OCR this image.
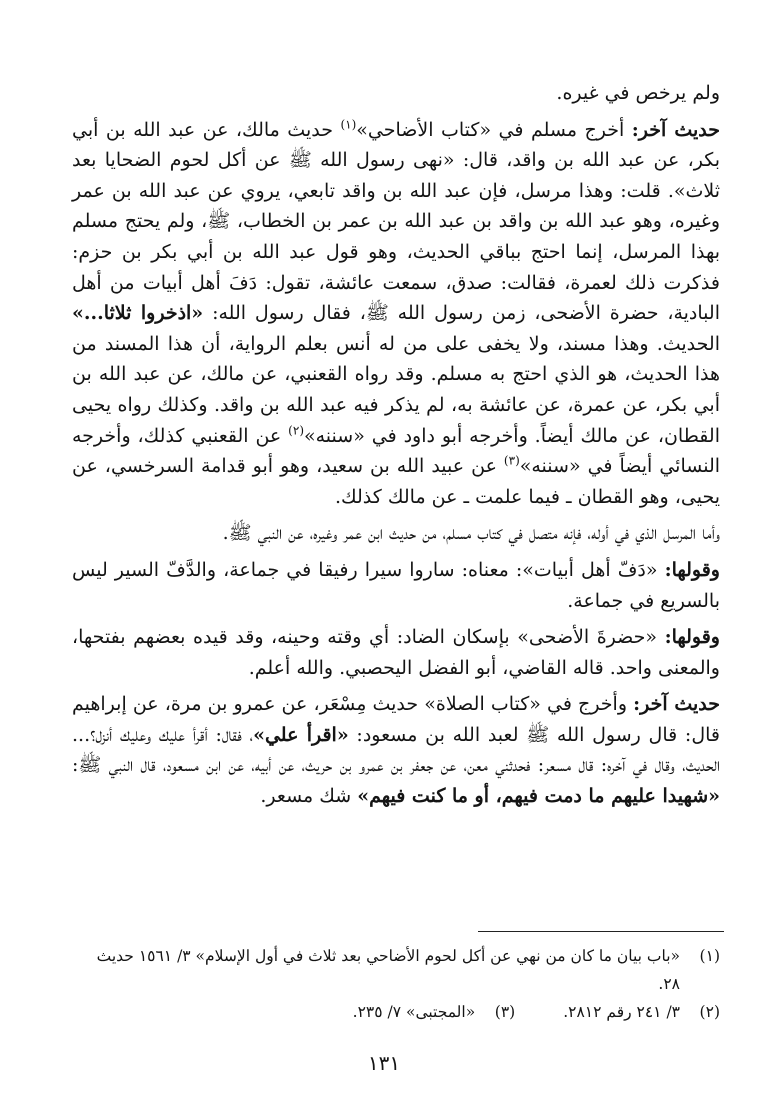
ولم يرخص في غيره.

حديث آخر: أخرج مسلم في «كتاب الأضاحي»$^{(١)}$ حديث مالك، عن عبد الله بن أبي بكر، عن عبد الله بن واقد، قال: «نهى رسول الله ﷺ عن أكل لحوم الضحايا بعد ثلاث». قلت: وهذا مرسل، فإن عبد الله بن واقد تابعي، يروي عن عبد الله بن عمر وغيره، وهو عبد الله بن واقد بن عبد الله بن عمر بن الخطاب، ﷺ، ولم يحتج مسلم بهذا المرسل، إنما احتج بباقي الحديث، وهو قول عبد الله بن أبي بكر بن حزم: فذكرت ذلك لعمرة، فقالت: صدق، سمعت عائشة، تقول: دَفَ أهل أبيات من أهل البادية، حضرة الأضحى، زمن رسول الله ﷺ، فقال رسول الله: «اذخروا ثلاثا...» الحديث. وهذا مسند، ولا يخفى على من له أنس بعلم الرواية، أن هذا المسند من هذا الحديث، هو الذي احتج به مسلم. وقد رواه القعنبي، عن مالك، عن عبد الله بن أبي بكر، عن عمرة، عن عائشة به، لم يذكر فيه عبد الله بن واقد. وكذلك رواه يحيى القطان، عن مالك أيضاً. وأخرجه أبو داود في «سننه»$^{(٢)}$ عن القعنبي كذلك، وأخرجه النسائي أيضاً في «سننه»$^{(٣)}$ عن عبيد الله بن سعيد، وهو أبو قدامة السرخسي، عن يحيى، وهو القطان ـ فيما علمت ـ عن مالك كذلك.

وأما المرسل الذي في أوله، فإنه متصل في كتاب مسلم، من حديث ابن عمر وغيره، عن النبي ﷺ.

وقولها: «دَفّ أهل أبيات»: معناه: ساروا سيرا رفيقا في جماعة، والدَّفّ السير ليس بالسريع في جماعة.

وقولها: «حضرةَ الأضحى» بإسكان الضاد: أي وقته وحينه، وقد قيده بعضهم بفتحها، والمعنى واحد. قاله القاضي، أبو الفضل اليحصبي. والله أعلم.

حديث آخر: وأخرج في «كتاب الصلاة» حديث مِسْعَر، عن عمرو بن مرة، عن إبراهيم قال: قال رسول الله ﷺ لعبد الله بن مسعود: «اقرأ علي»، فقال: أقرأ عليك وعليك أنزل؟... الحديث، وقال في آخره: قال مسعر: فحدثني معن، عن جعفر بن عمرو بن حريث، عن أبيه، عن ابن مسعود، قال النبي ﷺ: «شهيدا عليهم ما دمت فيهم، أو ما كنت فيهم» شك مسعر.

(١)«باب بيان ما كان من نهي عن أكل لحوم الأضاحي بعد ثلاث في أول الإسلام» ٣/ ١٥٦١ حديث
٢٨.
(٢)٣/ ٢٤١ رقم ٢٨١٢.
(٣)«المجتبى» ٧/ ٢٣٥.
١٣١
